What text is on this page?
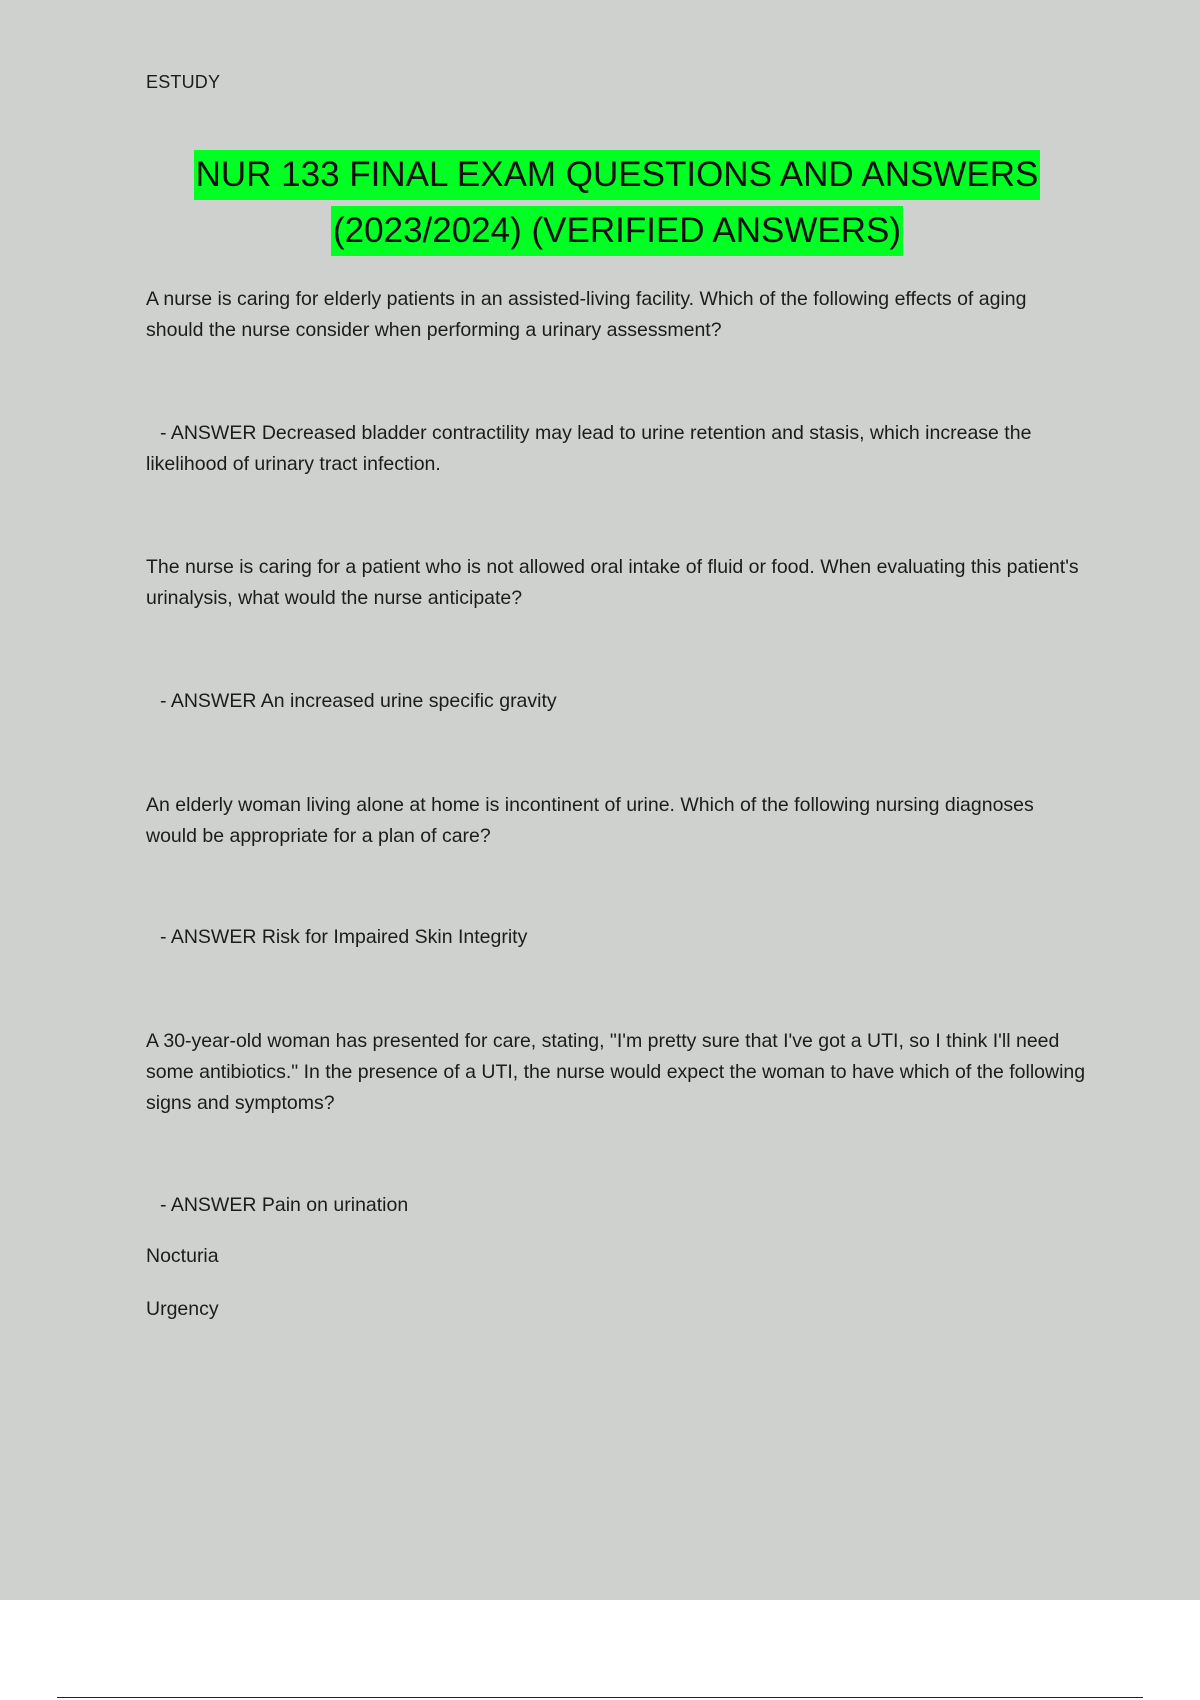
ESTUDY
NUR 133 FINAL EXAM QUESTIONS AND ANSWERS
(2023/2024) (VERIFIED ANSWERS)
A nurse is caring for elderly patients in an assisted-living facility. Which of the following effects of aging should the nurse consider when performing a urinary assessment?
- ANSWER Decreased bladder contractility may lead to urine retention and stasis, which increase the likelihood of urinary tract infection.
The nurse is caring for a patient who is not allowed oral intake of fluid or food. When evaluating this patient's urinalysis, what would the nurse anticipate?
- ANSWER An increased urine specific gravity
An elderly woman living alone at home is incontinent of urine. Which of the following nursing diagnoses would be appropriate for a plan of care?
- ANSWER Risk for Impaired Skin Integrity
A 30-year-old woman has presented for care, stating, "I'm pretty sure that I've got a UTI, so I think I'll need some antibiotics." In the presence of a UTI, the nurse would expect the woman to have which of the following signs and symptoms?
- ANSWER Pain on urination
Nocturia
Urgency
